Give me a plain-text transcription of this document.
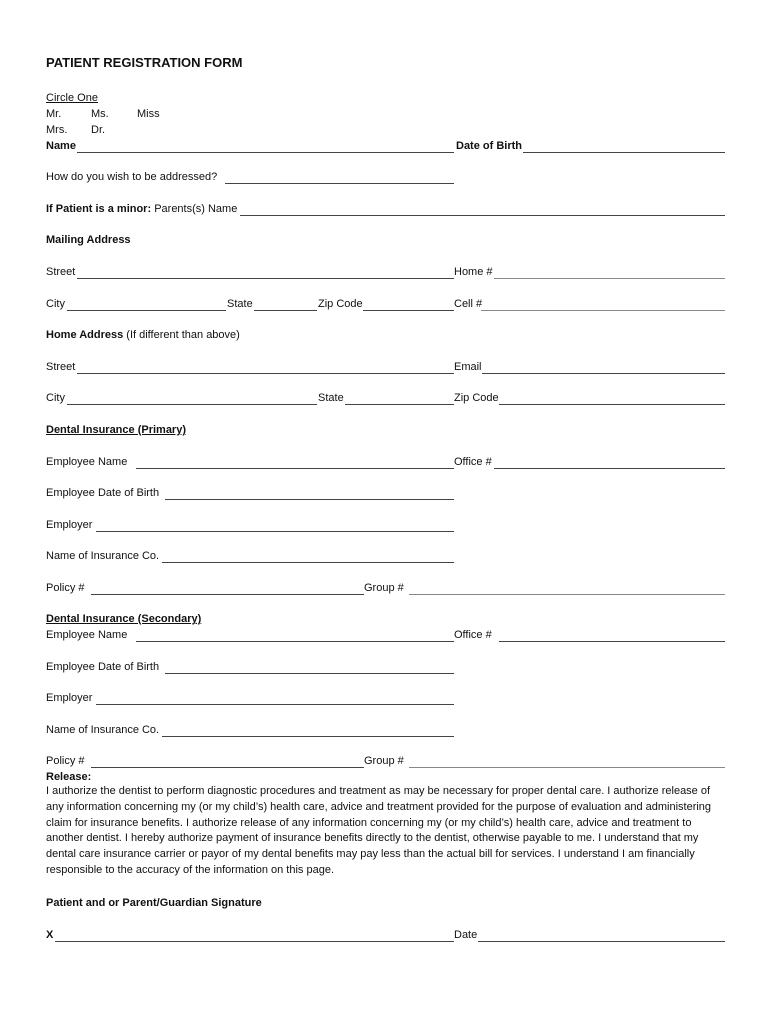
PATIENT REGISTRATION FORM
Circle One
Mr.	Ms.	Miss
Mrs. Dr.
Name	Date of Birth
How do you wish to be addressed?
If Patient is a minor: Parents(s) Name
Mailing Address
Street	Home #
City	State	Zip Code	Cell #
Home Address (If different than above)
Street	Email
City	State	Zip Code
Dental Insurance (Primary)
Employee Name	Office #
Employee Date of Birth
Employer
Name of Insurance Co.
Policy #	Group #
Dental Insurance (Secondary)
Employee Name	Office #
Employee Date of Birth
Employer
Name of Insurance Co.
Policy #	Group #
Release:
I authorize the dentist to perform diagnostic procedures and treatment as may be necessary for proper dental care. I authorize release of any information concerning my (or my child’s) health care, advice and treatment provided for the purpose of evaluation and administering claim for insurance benefits. I authorize release of any information concerning my (or my child’s) health care, advice and treatment to another dentist. I hereby authorize payment of insurance benefits directly to the dentist, otherwise payable to me. I understand that my dental care insurance carrier or payor of my dental benefits may pay less than the actual bill for services. I understand I am financially responsible to the accuracy of the information on this page.
Patient and or Parent/Guardian Signature
X	Date
